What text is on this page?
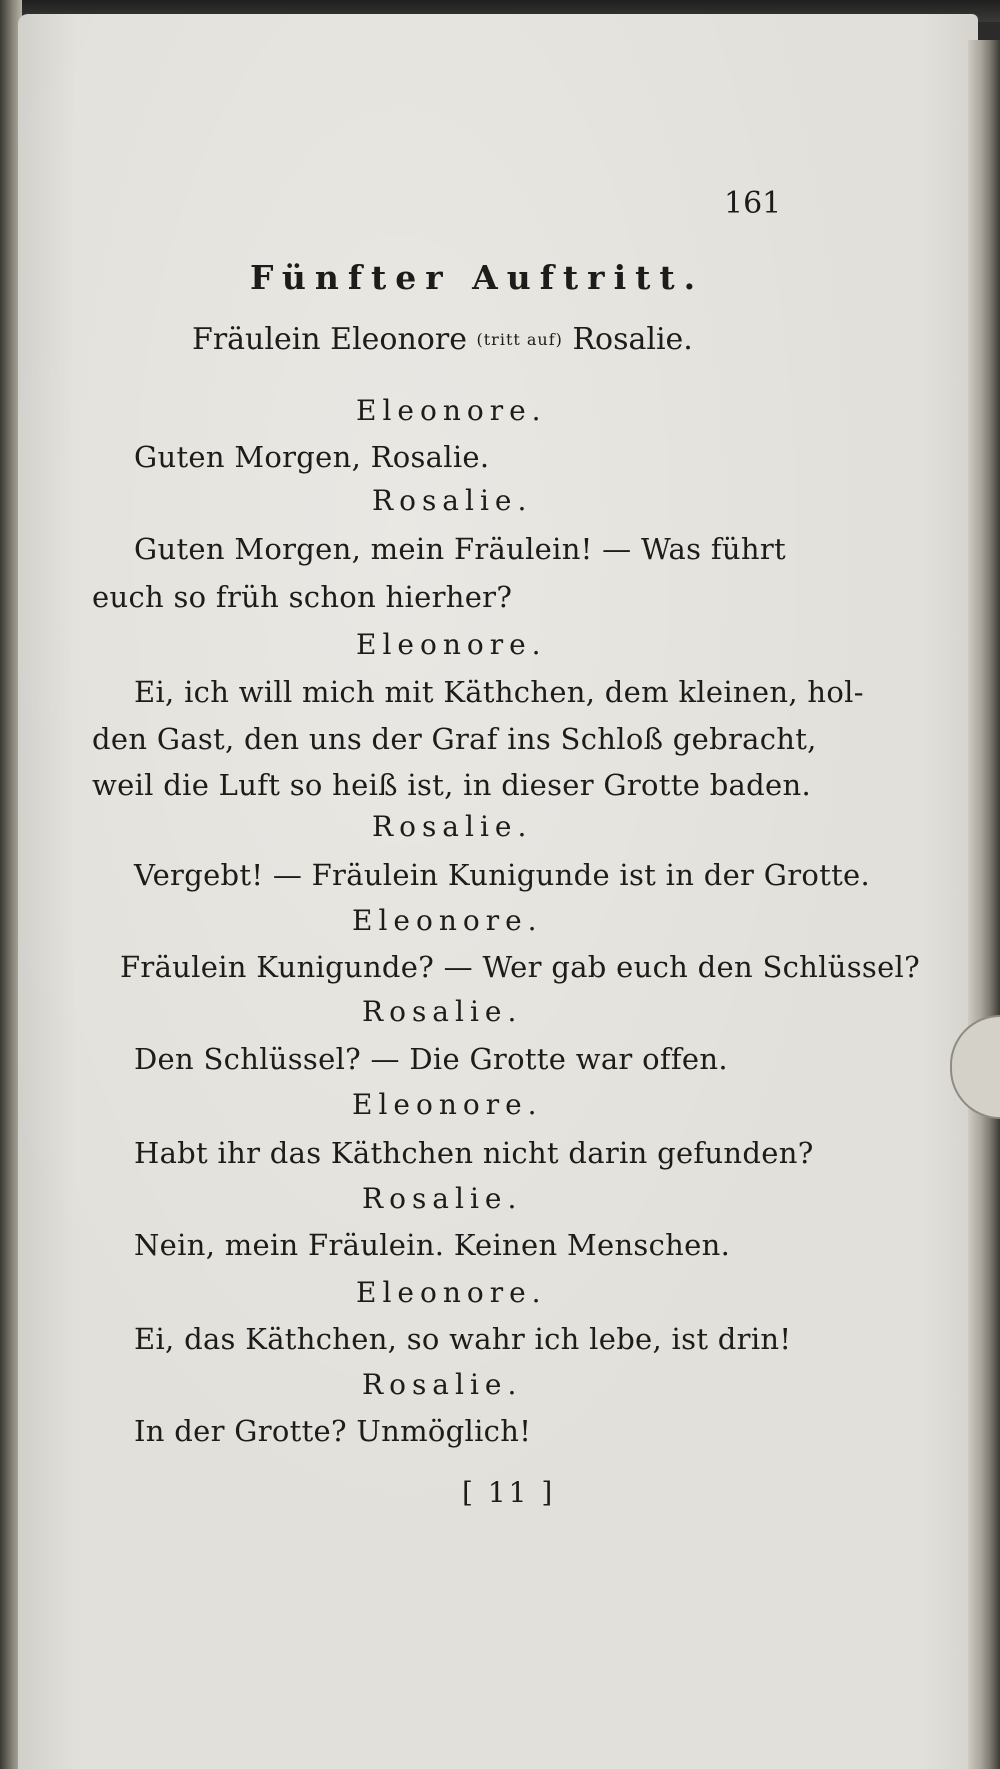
161
Fünfter Auftritt.
Fräulein Eleonore (tritt auf) Rosalie.
Eleonore.
Guten Morgen, Rosalie.
Rosalie.
Guten Morgen, mein Fräulein! — Was führt
euch so früh schon hierher?
Eleonore.
Ei, ich will mich mit Käthchen, dem kleinen, hol-
den Gast, den uns der Graf ins Schloß gebracht,
weil die Luft so heiß ist, in dieser Grotte baden.
Rosalie.
Vergebt! — Fräulein Kunigunde ist in der Grotte.
Eleonore.
Fräulein Kunigunde? — Wer gab euch den Schlüssel?
Rosalie.
Den Schlüssel? — Die Grotte war offen.
Eleonore.
Habt ihr das Käthchen nicht darin gefunden?
Rosalie.
Nein, mein Fräulein. Keinen Menschen.
Eleonore.
Ei, das Käthchen, so wahr ich lebe, ist drin!
Rosalie.
In der Grotte? Unmöglich!
[ 11 ]
